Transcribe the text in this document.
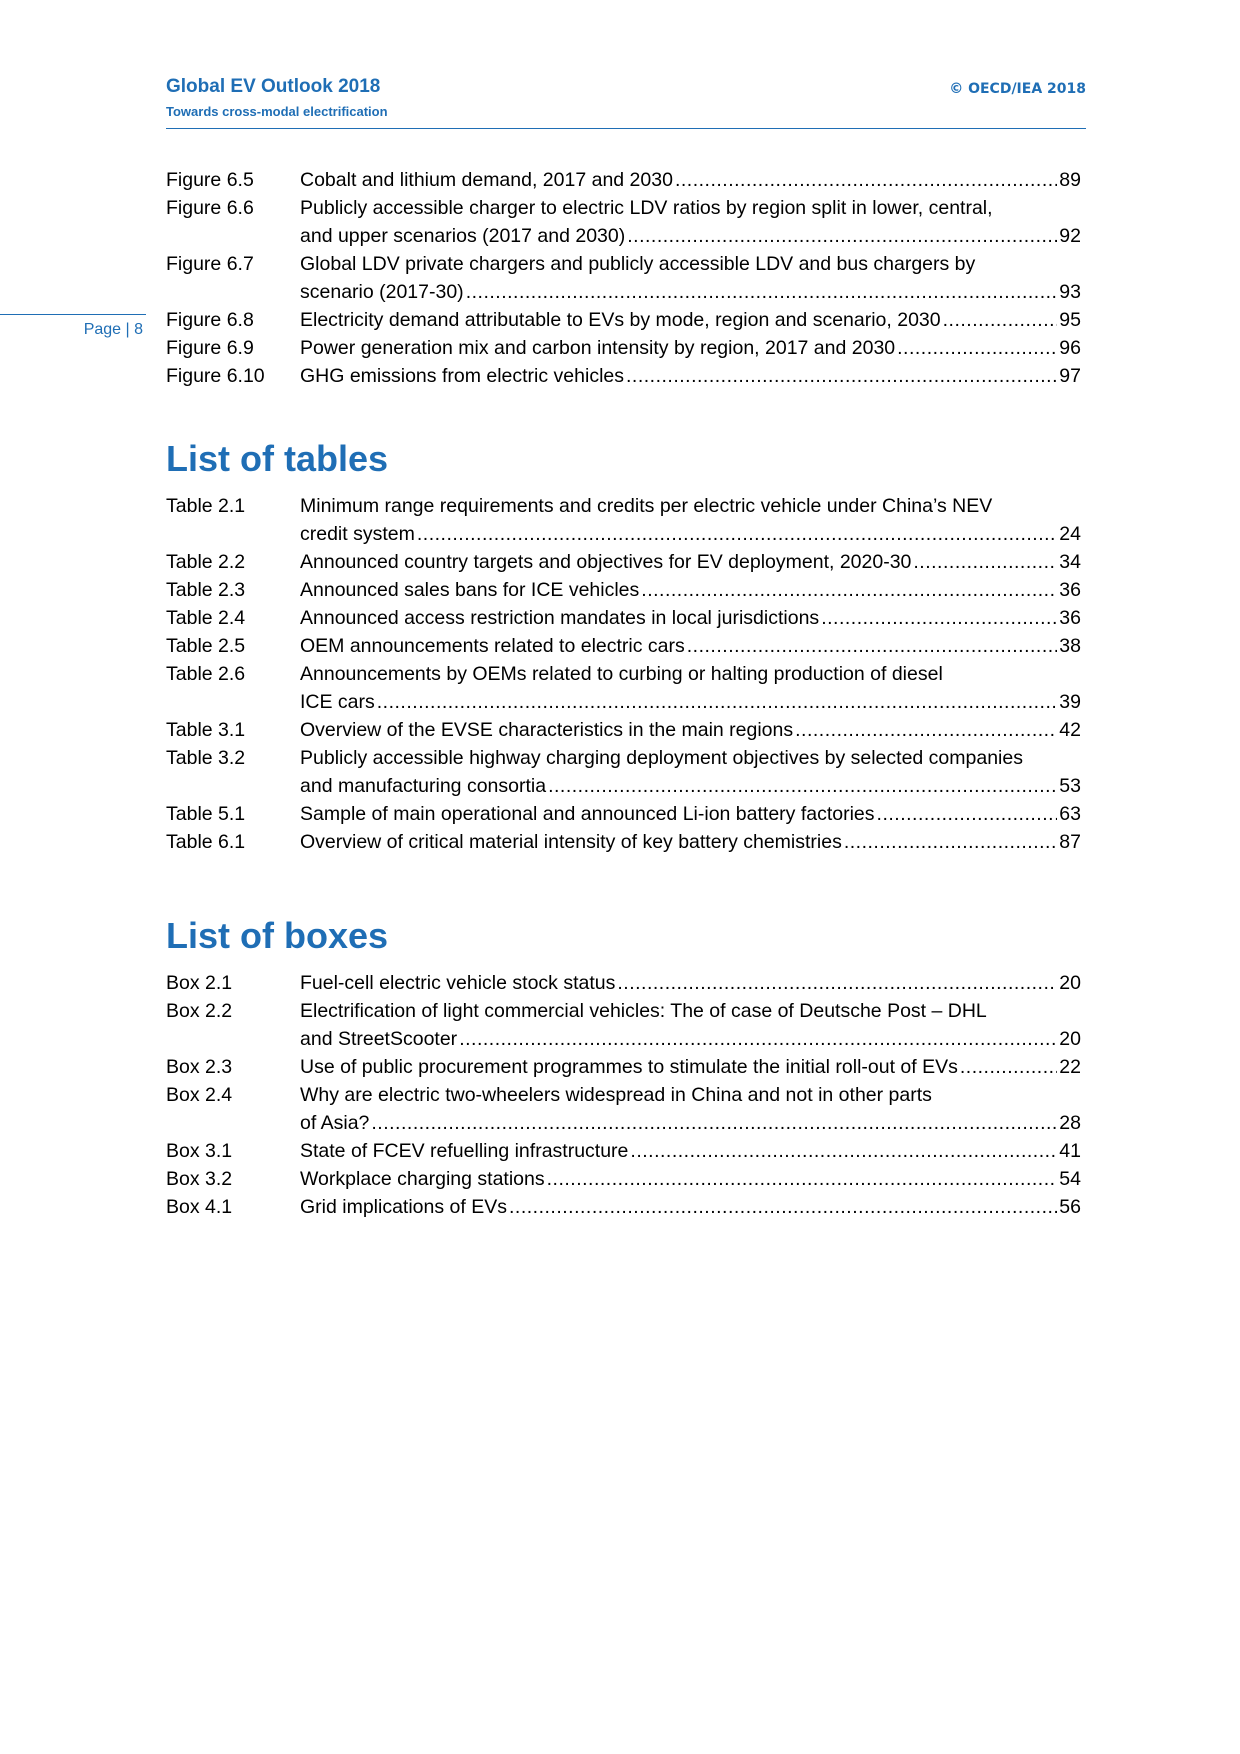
Global EV Outlook 2018
Towards cross-modal electrification
© OECD/IEA 2018
Page | 8
Figure 6.5	Cobalt and lithium demand, 2017 and 2030 .....	89
Figure 6.6	Publicly accessible charger to electric LDV ratios by region split in lower, central,
and upper scenarios (2017 and 2030) .....	92
Figure 6.7	Global LDV private chargers and publicly accessible LDV and bus chargers by
scenario (2017-30) .....	93
Figure 6.8	Electricity demand attributable to EVs by mode, region and scenario, 2030 .....	95
Figure 6.9	Power generation mix and carbon intensity by region, 2017 and 2030 .....	96
Figure 6.10	GHG emissions from electric vehicles .....	97
List of tables
Table 2.1	Minimum range requirements and credits per electric vehicle under China’s NEV
credit system .....	24
Table 2.2	Announced country targets and objectives for EV deployment, 2020-30 .....	34
Table 2.3	Announced sales bans for ICE vehicles .....	36
Table 2.4	Announced access restriction mandates in local jurisdictions .....	36
Table 2.5	OEM announcements related to electric cars .....	38
Table 2.6	Announcements by OEMs related to curbing or halting production of diesel
ICE cars .....	39
Table 3.1	Overview of the EVSE characteristics in the main regions .....	42
Table 3.2	Publicly accessible highway charging deployment objectives by selected companies
and manufacturing consortia .....	53
Table 5.1	Sample of main operational and announced Li-ion battery factories .....	63
Table 6.1	Overview of critical material intensity of key battery chemistries .....	87
List of boxes
Box 2.1	Fuel-cell electric vehicle stock status .....	20
Box 2.2	Electrification of light commercial vehicles: The of case of Deutsche Post – DHL
and StreetScooter .....	20
Box 2.3	Use of public procurement programmes to stimulate the initial roll-out of EVs .....	22
Box 2.4	Why are electric two-wheelers widespread in China and not in other parts
of Asia? .....	28
Box 3.1	State of FCEV refuelling infrastructure .....	41
Box 3.2	Workplace charging stations .....	54
Box 4.1	Grid implications of EVs .....	56
